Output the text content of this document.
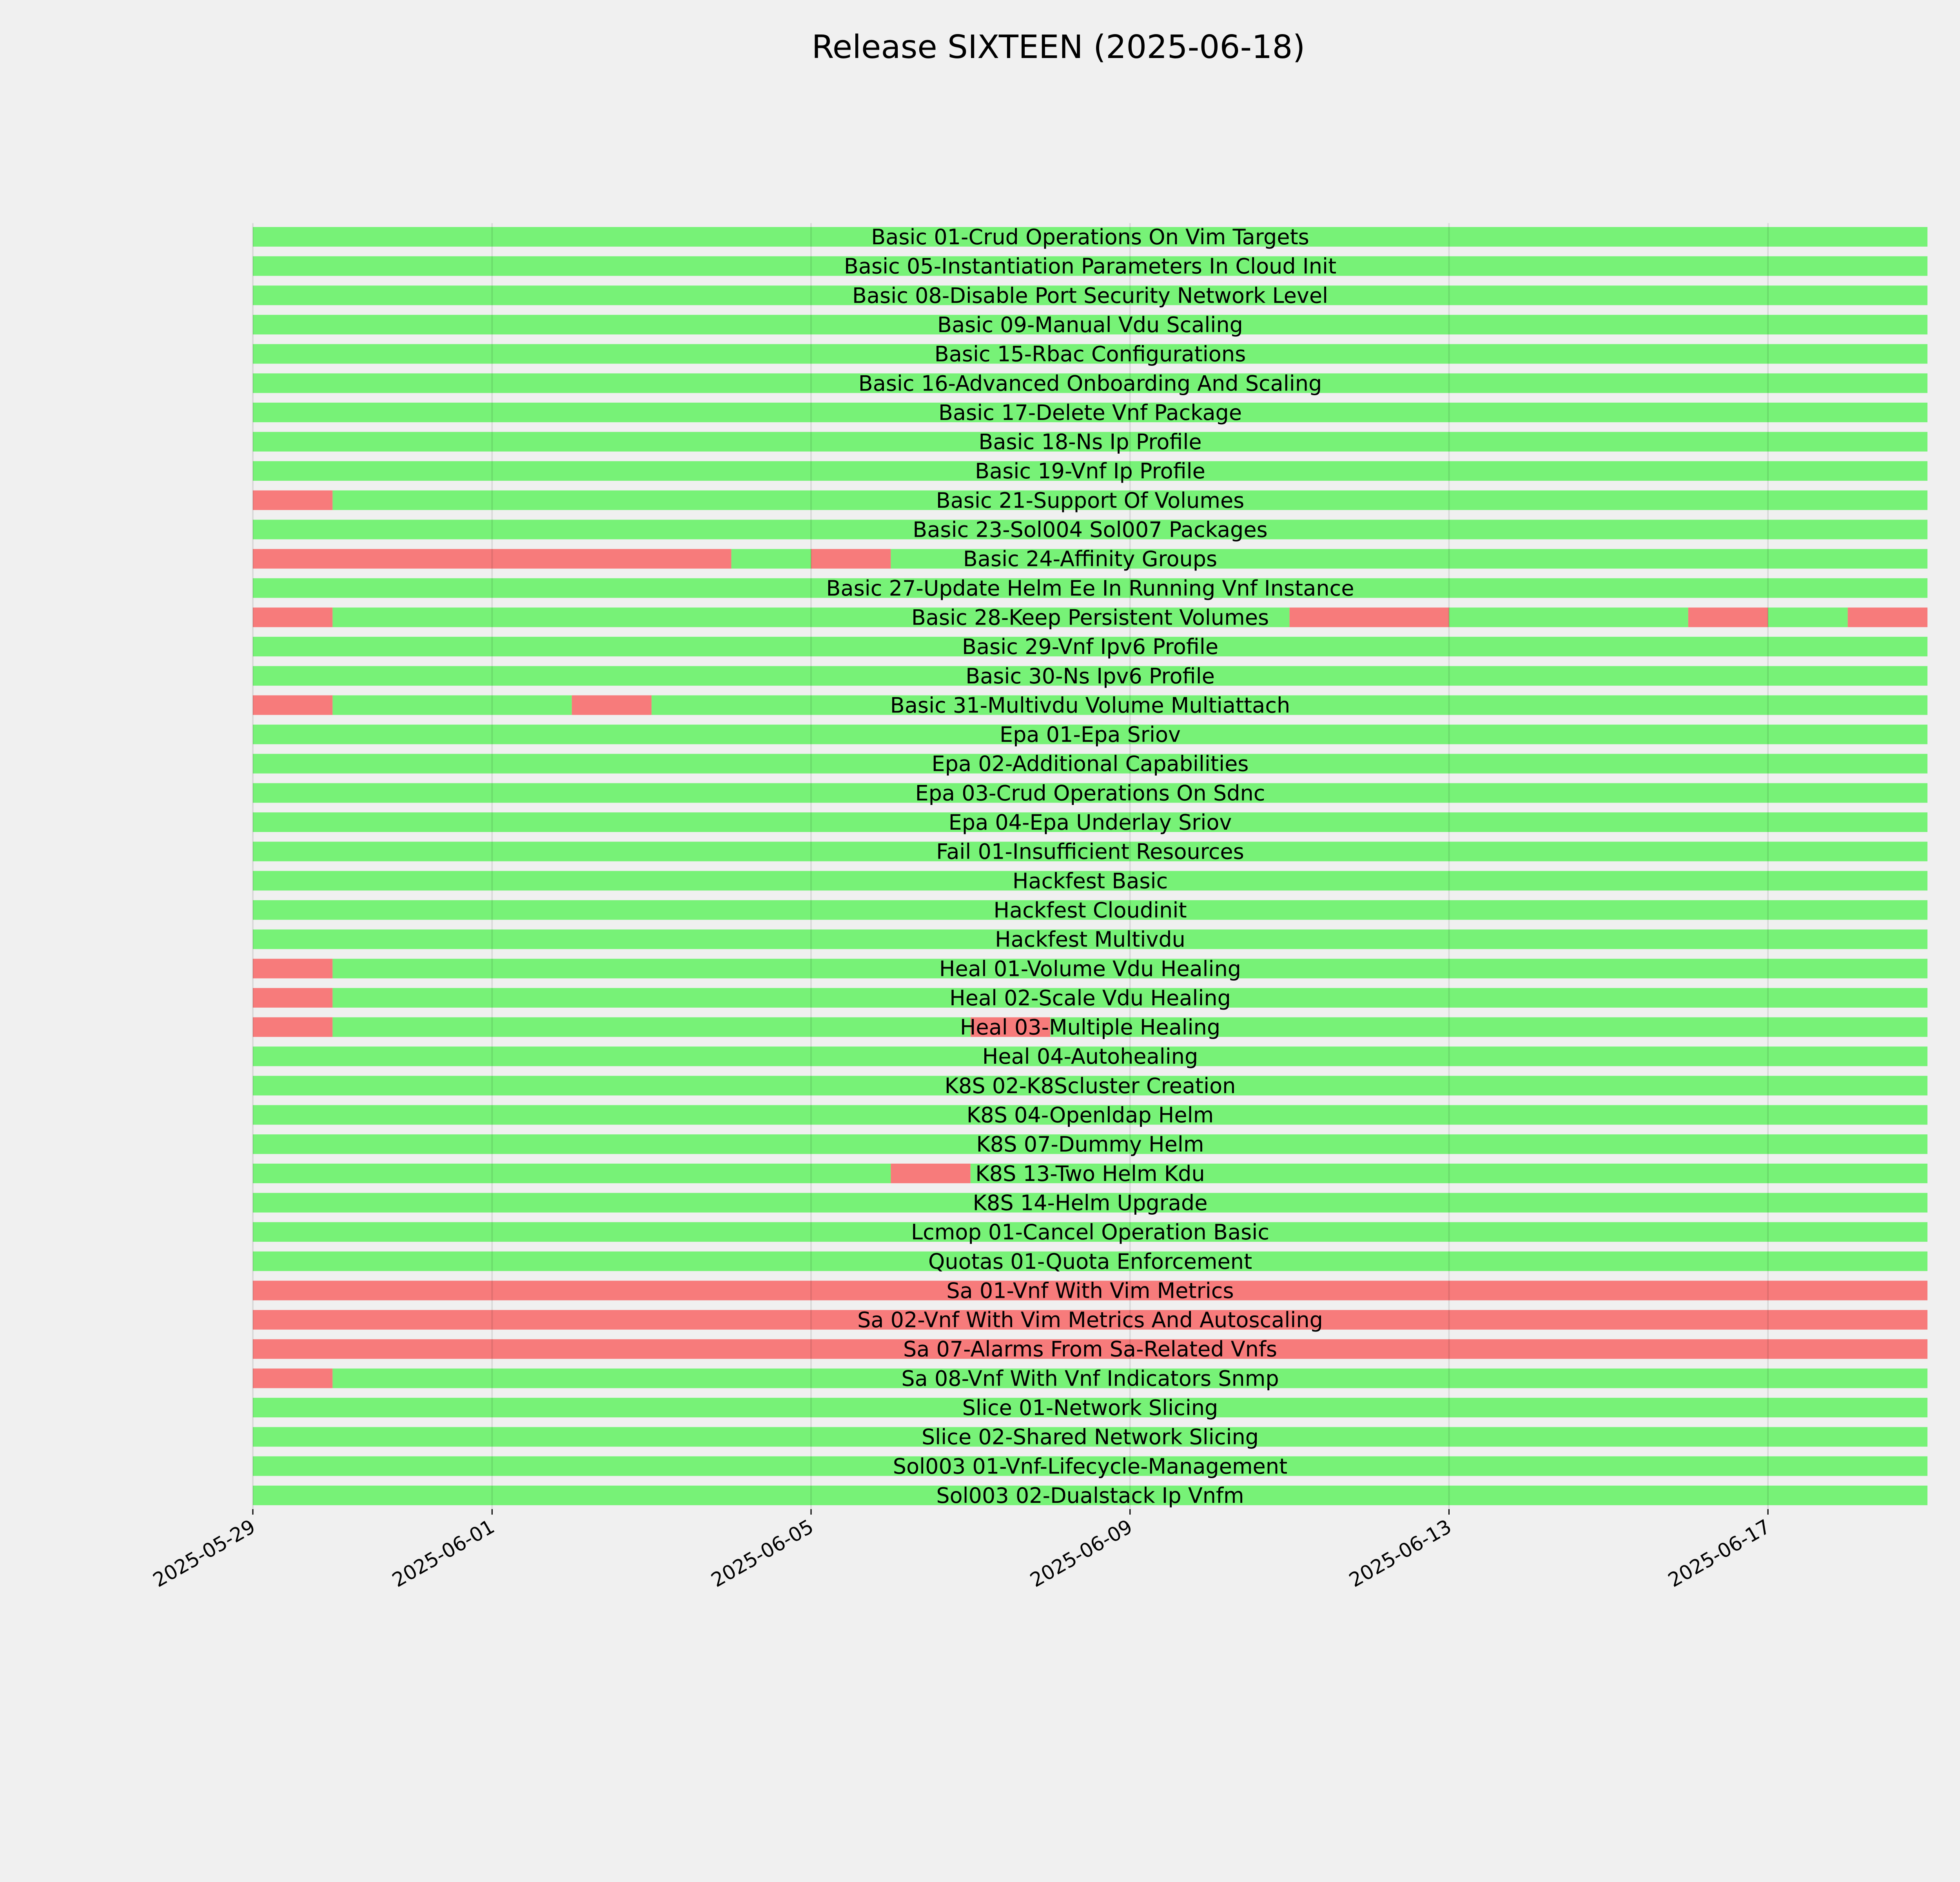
Release SIXTEEN (2025-06-18)
Basic 01-Crud Operations On Vim Targets
Basic 05-Instantiation Parameters In Cloud Init
Basic 08-Disable Port Security Network Level
Basic 09-Manual Vdu Scaling
Basic 15-Rbac Configurations
Basic 16-Advanced Onboarding And Scaling
Basic 17-Delete Vnf Package
Basic 18-Ns Ip Profile
Basic 19-Vnf Ip Profile
Basic 21-Support Of Volumes
Basic 23-Sol004 Sol007 Packages
Basic 24-Affinity Groups
Basic 27-Update Helm Ee In Running Vnf Instance
Basic 28-Keep Persistent Volumes
Basic 29-Vnf Ipv6 Profile
Basic 30-Ns Ipv6 Profile
Basic 31-Multivdu Volume Multiattach
Epa 01-Epa Sriov
Epa 02-Additional Capabilities
Epa 03-Crud Operations On Sdnc
Epa 04-Epa Underlay Sriov
Fail 01-Insufficient Resources
Hackfest Basic
Hackfest Cloudinit
Hackfest Multivdu
Heal 01-Volume Vdu Healing
Heal 02-Scale Vdu Healing
Heal 03-Multiple Healing
Heal 04-Autohealing
K8S 02-K8Scluster Creation
K8S 04-Openldap Helm
K8S 07-Dummy Helm
K8S 13-Two Helm Kdu
K8S 14-Helm Upgrade
Lcmop 01-Cancel Operation Basic
Quotas 01-Quota Enforcement
Sa 01-Vnf With Vim Metrics
Sa 02-Vnf With Vim Metrics And Autoscaling
Sa 07-Alarms From Sa-Related Vnfs
Sa 08-Vnf With Vnf Indicators Snmp
Slice 01-Network Slicing
Slice 02-Shared Network Slicing
Sol003 01-Vnf-Lifecycle-Management
Sol003 02-Dualstack Ip Vnfm
2025-05-29	2025-06-01	2025-06-05	2025-06-09	2025-06-13	2025-06-17
